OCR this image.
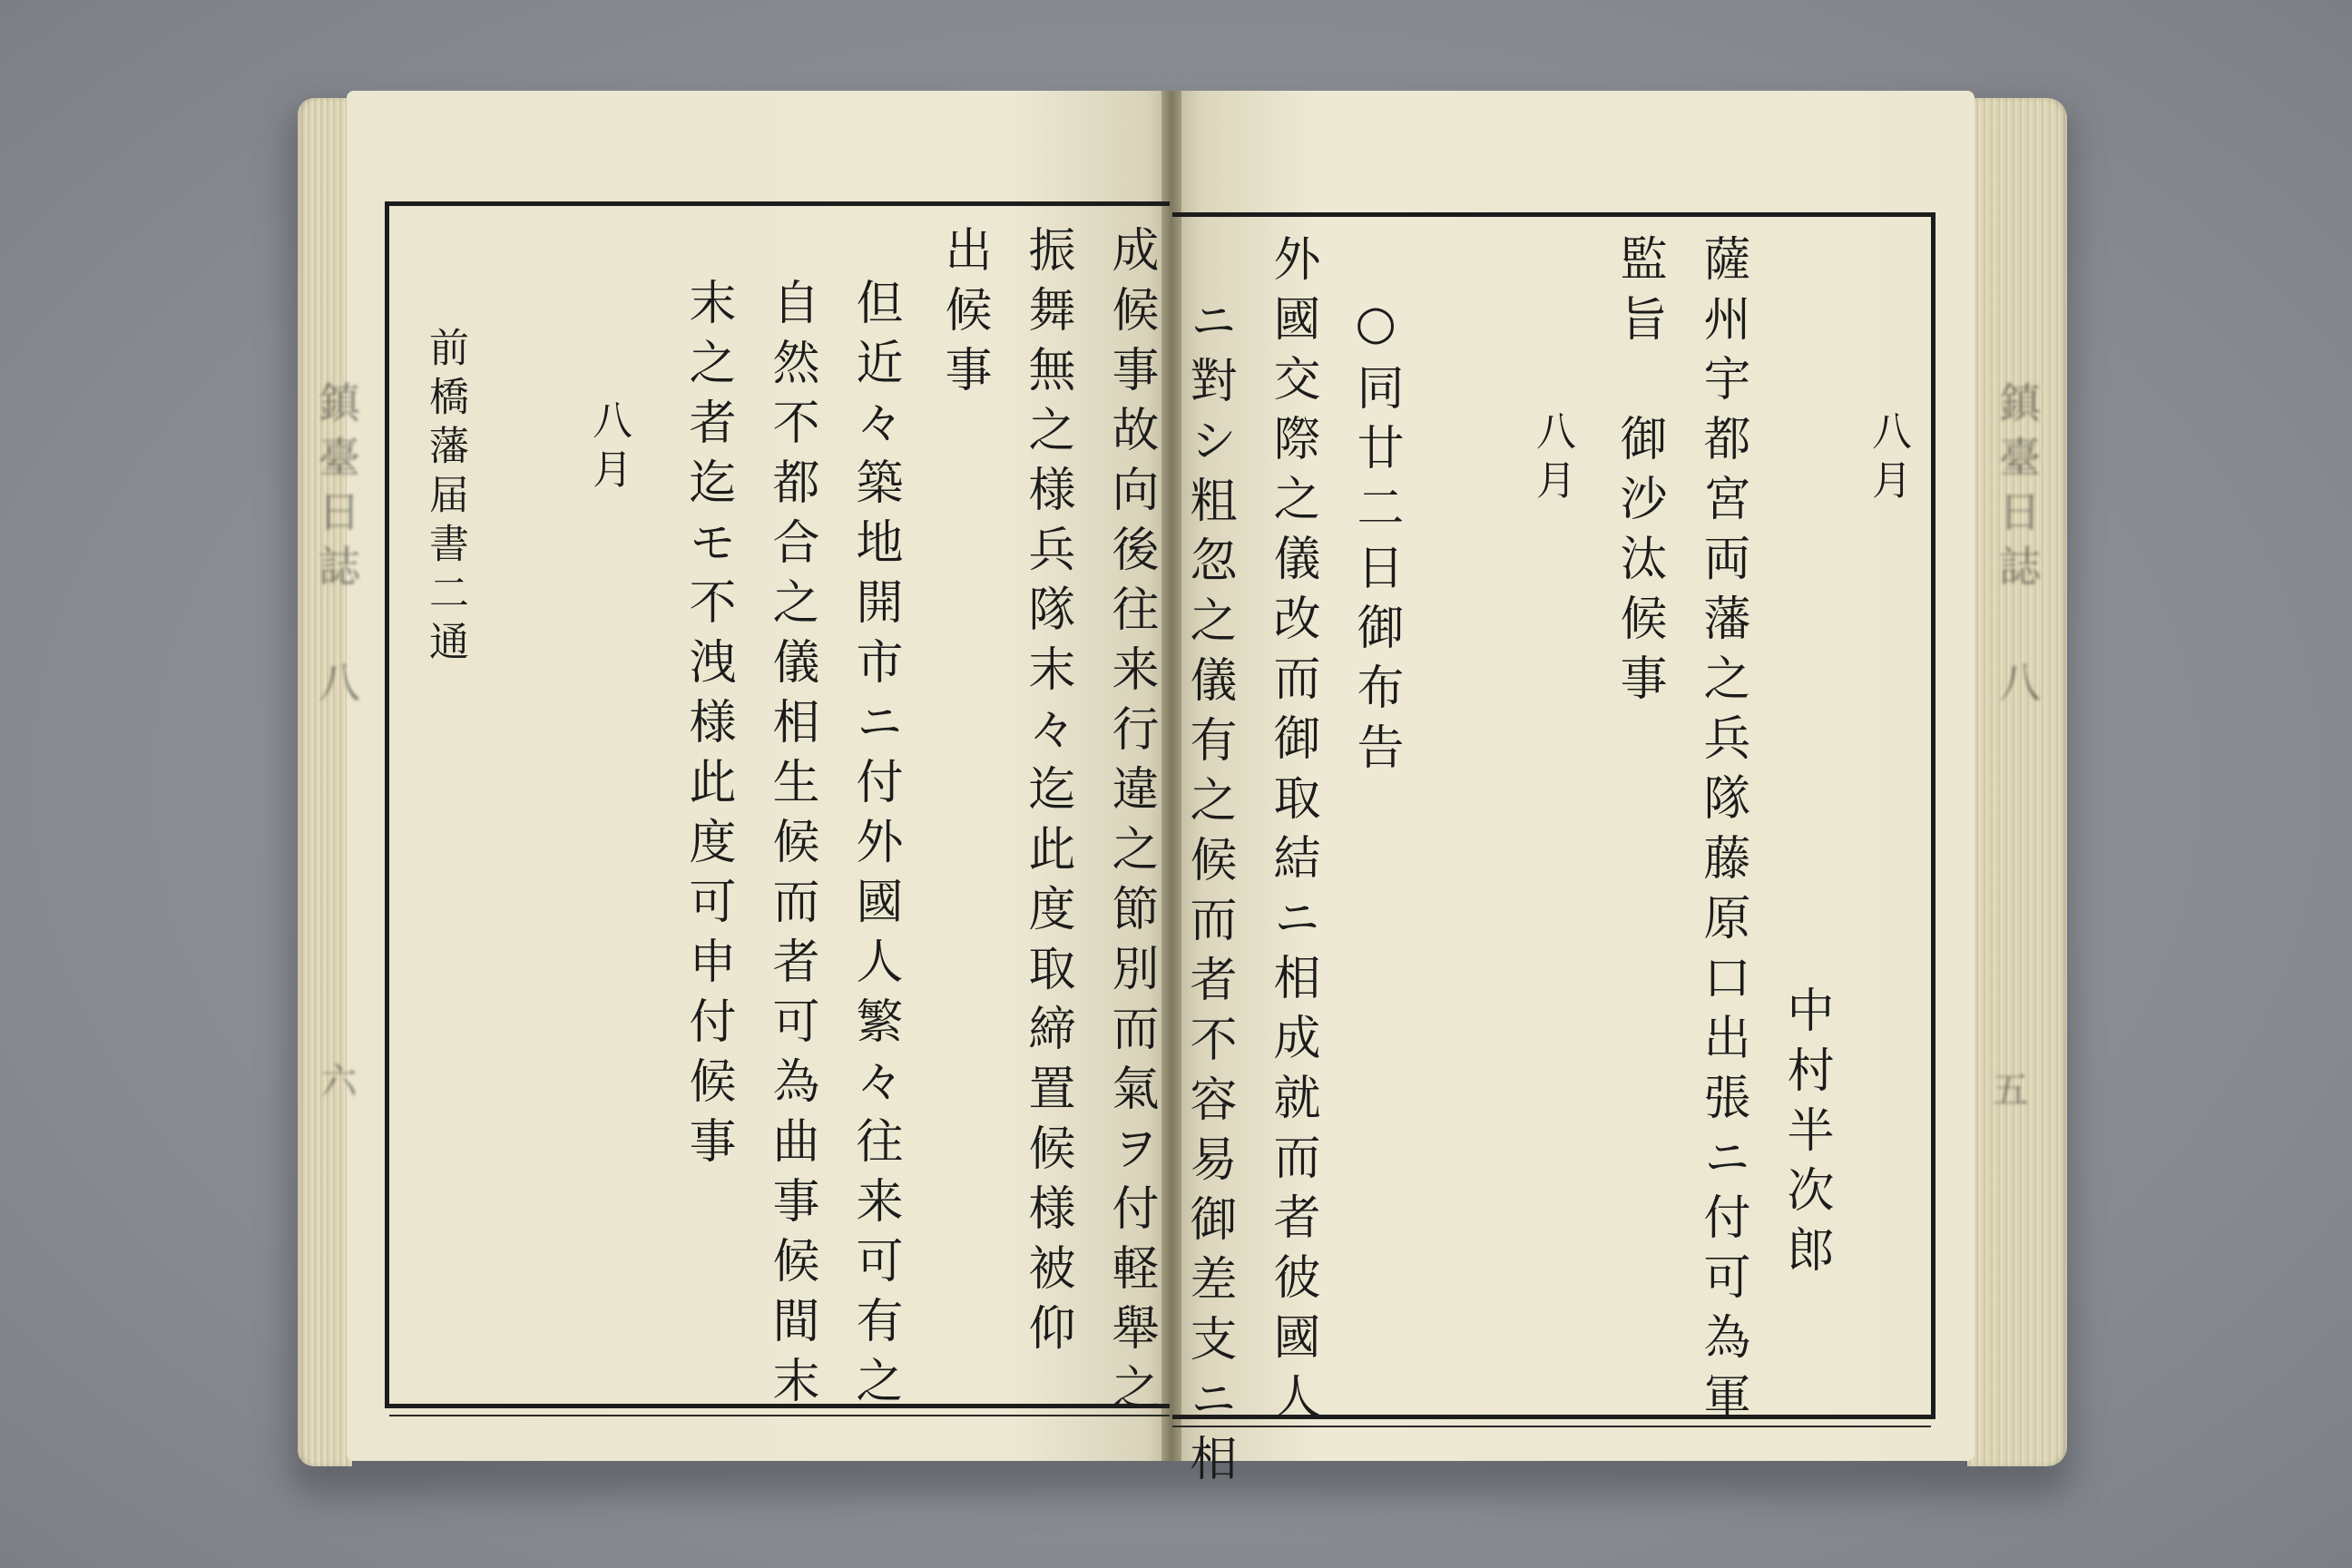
鎮臺日誌 八
六	成候事故向後往来行違之節別而氣ヲ付軽舉之
振舞無之様兵隊末々迄此度取締置候様被仰
出候事
但近々築地開市ニ付外國人繁々往来可有之
自然不都合之儀相生候而者可為曲事候間末
末之者迄モ不洩様此度可申付候事
八月
前橋藩届書二通	八月
中村半次郎
薩州宇都宮両藩之兵隊藤原口出張ニ付可為軍
監旨　御沙汰候事
八月
○同廿二日御布告
外國交際之儀改而御取結ニ相成就而者彼國人
ニ對シ粗忽之儀有之候而者不容易御差支ニ相	鎮臺日誌 八
五
